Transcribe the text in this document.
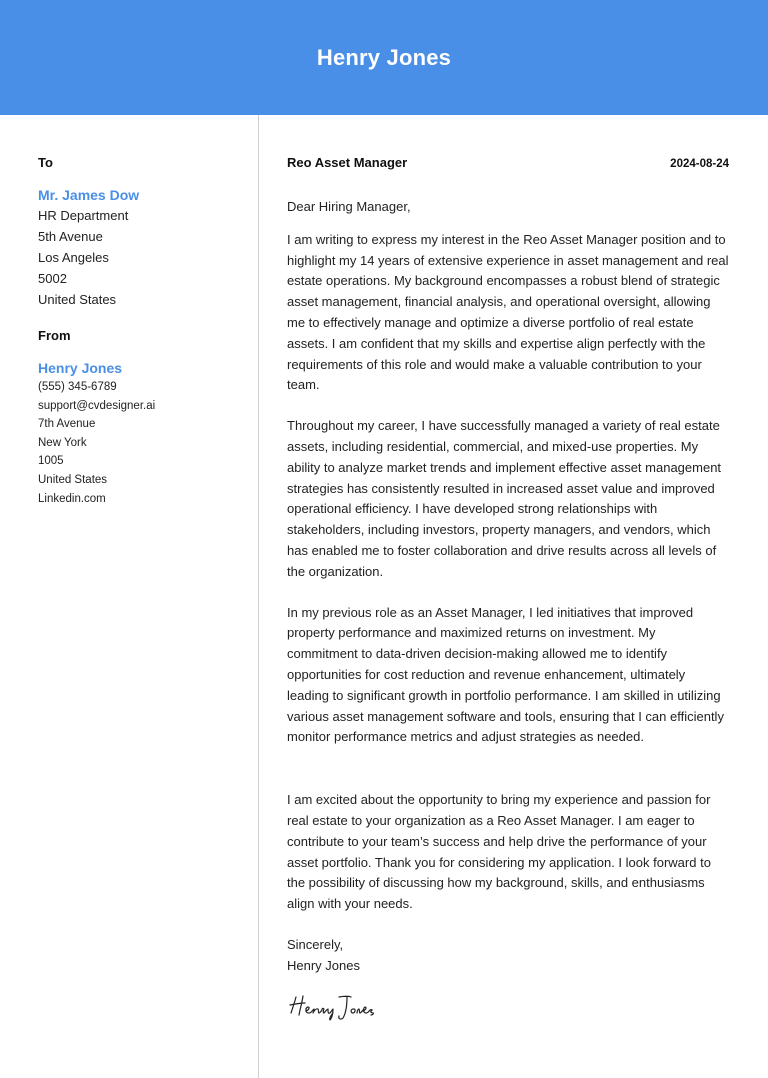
Henry Jones

To

Mr. James Dow
HR Department
5th Avenue
Los Angeles
5002
United States

From

Henry Jones
(555) 345-6789
support@cvdesigner.ai
7th Avenue
New York
1005
United States
Linkedin.com
Reo Asset Manager	2024-08-24

Dear Hiring Manager,

I am writing to express my interest in the Reo Asset Manager position and to highlight my 14 years of extensive experience in asset management and real estate operations. My background encompasses a robust blend of strategic asset management, financial analysis, and operational oversight, allowing me to effectively manage and optimize a diverse portfolio of real estate assets. I am confident that my skills and expertise align perfectly with the requirements of this role and would make a valuable contribution to your team.

Throughout my career, I have successfully managed a variety of real estate assets, including residential, commercial, and mixed-use properties. My ability to analyze market trends and implement effective asset management strategies has consistently resulted in increased asset value and improved operational efficiency. I have developed strong relationships with stakeholders, including investors, property managers, and vendors, which has enabled me to foster collaboration and drive results across all levels of the organization.

In my previous role as an Asset Manager, I led initiatives that improved property performance and maximized returns on investment. My commitment to data-driven decision-making allowed me to identify opportunities for cost reduction and revenue enhancement, ultimately leading to significant growth in portfolio performance. I am skilled in utilizing various asset management software and tools, ensuring that I can efficiently monitor performance metrics and adjust strategies as needed.

I am excited about the opportunity to bring my experience and passion for real estate to your organization as a Reo Asset Manager. I am eager to contribute to your team’s success and help drive the performance of your asset portfolio. Thank you for considering my application. I look forward to the possibility of discussing how my background, skills, and enthusiasms align with your needs.

Sincerely,

Henry Jones
